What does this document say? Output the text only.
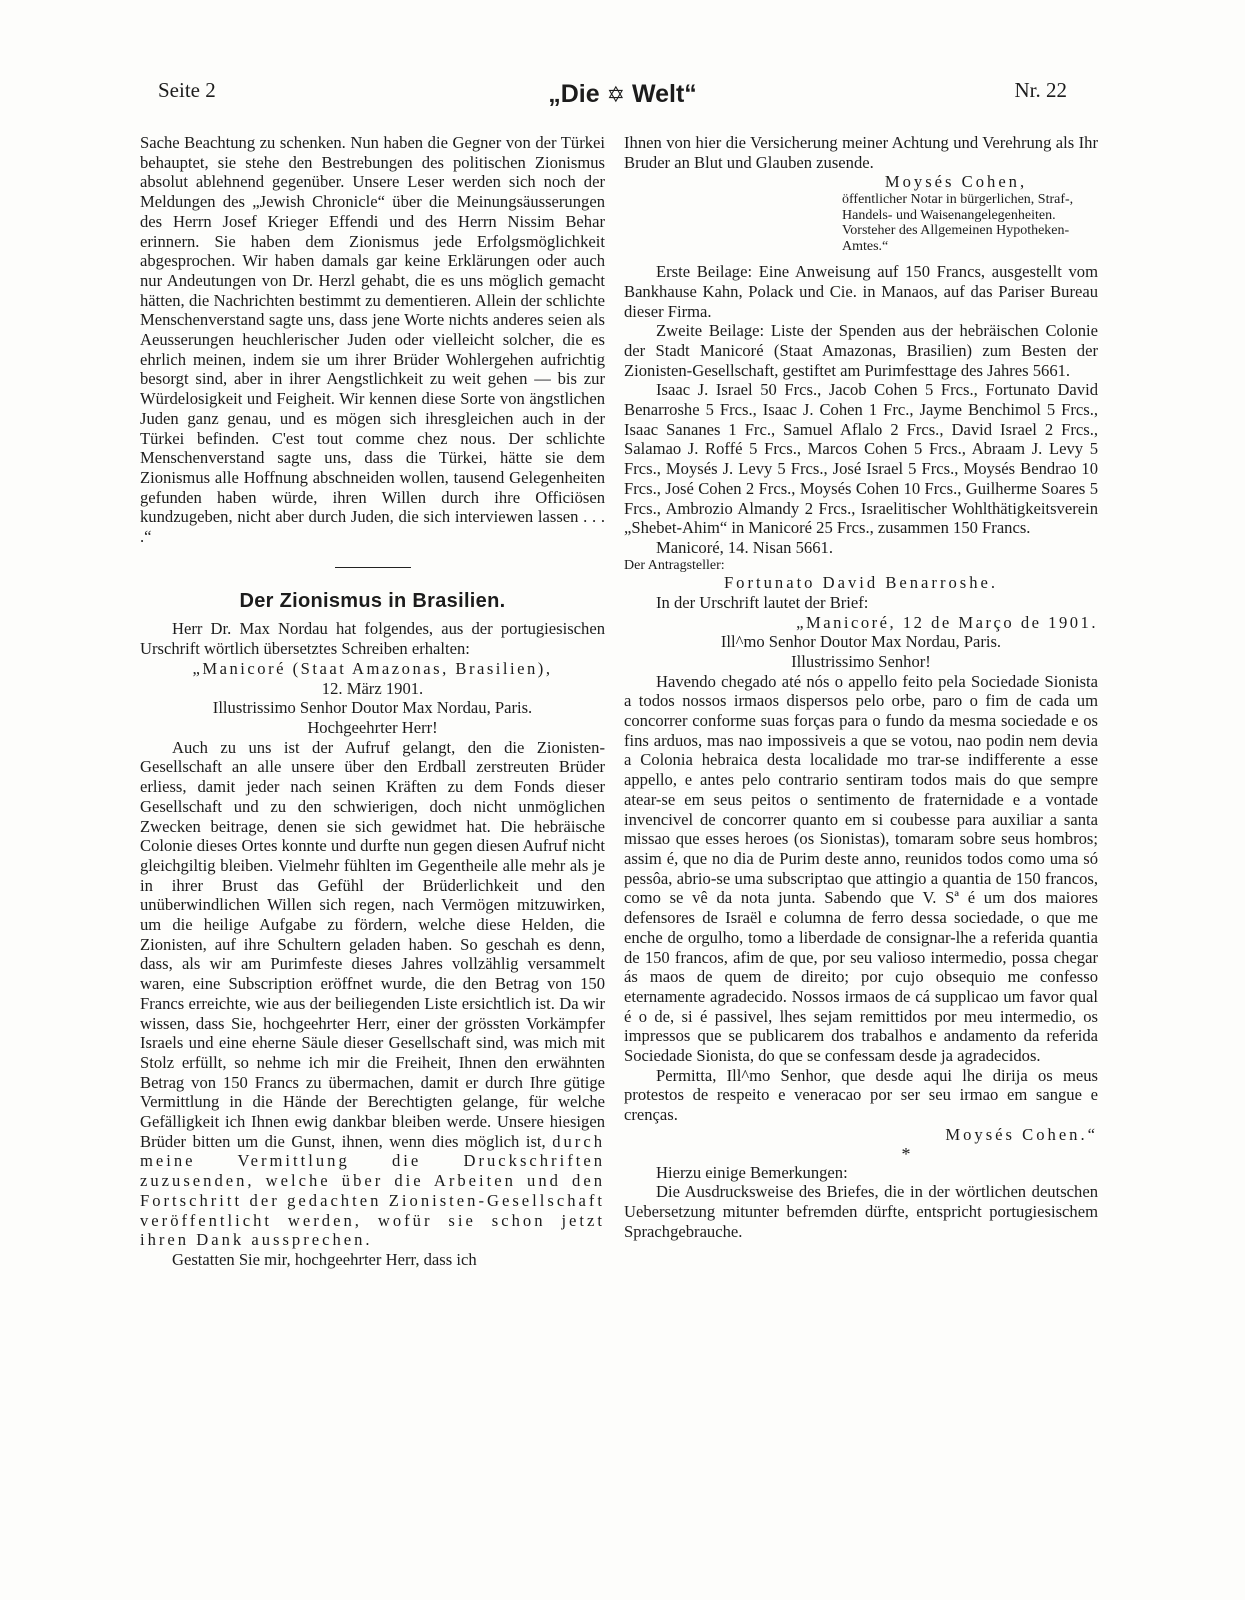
Seite 2	„Die ✡ Welt“	Nr. 22

Sache Beachtung zu schenken. Nun haben die Gegner von der Türkei behauptet, sie stehe den Bestrebungen des politischen Zionismus absolut ablehnend gegenüber. Unsere Leser werden sich noch der Meldungen des „Jewish Chronicle“ über die Meinungsäusserungen des Herrn Josef Krieger Effendi und des Herrn Nissim Behar erinnern. Sie haben dem Zionismus jede Erfolgsmöglichkeit abgesprochen. Wir haben damals gar keine Erklärungen oder auch nur Andeutungen von Dr. Herzl gehabt, die es uns möglich gemacht hätten, die Nachrichten bestimmt zu dementieren. Allein der schlichte Menschenverstand sagte uns, dass jene Worte nichts anderes seien als Aeusserungen heuchlerischer Juden oder vielleicht solcher, die es ehrlich meinen, indem sie um ihrer Brüder Wohlergehen aufrichtig besorgt sind, aber in ihrer Aengstlichkeit zu weit gehen — bis zur Würdelosigkeit und Feigheit. Wir kennen diese Sorte von ängstlichen Juden ganz genau, und es mögen sich ihresgleichen auch in der Türkei befinden. C'est tout comme chez nous. Der schlichte Menschenverstand sagte uns, dass die Türkei, hätte sie dem Zionismus alle Hoffnung abschneiden wollen, tausend Gelegenheiten gefunden haben würde, ihren Willen durch ihre Officiösen kundzugeben, nicht aber durch Juden, die sich interviewen lassen . . . .“

Der Zionismus in Brasilien.

Herr Dr. Max Nordau hat folgendes, aus der portugiesischen Urschrift wörtlich übersetztes Schreiben erhalten:

„Manicoré (Staat Amazonas, Brasilien),

12. März 1901.

Illustrissimo Senhor Doutor Max Nordau, Paris.

Hochgeehrter Herr!

Auch zu uns ist der Aufruf gelangt, den die Zionisten-Gesellschaft an alle unsere über den Erdball zerstreuten Brüder erliess, damit jeder nach seinen Kräften zu dem Fonds dieser Gesellschaft und zu den schwierigen, doch nicht unmöglichen Zwecken beitrage, denen sie sich gewidmet hat. Die hebräische Colonie dieses Ortes konnte und durfte nun gegen diesen Aufruf nicht gleichgiltig bleiben. Vielmehr fühlten im Gegentheile alle mehr als je in ihrer Brust das Gefühl der Brüderlichkeit und den unüberwindlichen Willen sich regen, nach Vermögen mitzuwirken, um die heilige Aufgabe zu fördern, welche diese Helden, die Zionisten, auf ihre Schultern geladen haben. So geschah es denn, dass, als wir am Purimfeste dieses Jahres vollzählig versammelt waren, eine Subscription eröffnet wurde, die den Betrag von 150 Francs erreichte, wie aus der beiliegenden Liste ersichtlich ist. Da wir wissen, dass Sie, hochgeehrter Herr, einer der grössten Vorkämpfer Israels und eine eherne Säule dieser Gesellschaft sind, was mich mit Stolz erfüllt, so nehme ich mir die Freiheit, Ihnen den erwähnten Betrag von 150 Francs zu übermachen, damit er durch Ihre gütige Vermittlung in die Hände der Berechtigten gelange, für welche Gefälligkeit ich Ihnen ewig dankbar bleiben werde. Unsere hiesigen Brüder bitten um die Gunst, ihnen, wenn dies möglich ist, durch meine Vermittlung die Druckschriften zuzusenden, welche über die Arbeiten und den Fortschritt der gedachten Zionisten-Gesellschaft veröffentlicht werden, wofür sie schon jetzt ihren Dank aussprechen.

Gestatten Sie mir, hochgeehrter Herr, dass ich

Ihnen von hier die Versicherung meiner Achtung und Verehrung als Ihr Bruder an Blut und Glauben zusende.

Moysés Cohen,

öffentlicher Notar in bürgerlichen, Straf-, Handels- und Waisenangelegenheiten. Vorsteher des Allgemeinen Hypotheken-Amtes.“

Erste Beilage: Eine Anweisung auf 150 Francs, ausgestellt vom Bankhause Kahn, Polack und Cie. in Manaos, auf das Pariser Bureau dieser Firma.

Zweite Beilage: Liste der Spenden aus der hebräischen Colonie der Stadt Manicoré (Staat Amazonas, Brasilien) zum Besten der Zionisten-Gesellschaft, gestiftet am Purimfesttage des Jahres 5661.

Isaac J. Israel 50 Frcs., Jacob Cohen 5 Frcs., Fortunato David Benarroshe 5 Frcs., Isaac J. Cohen 1 Frc., Jayme Benchimol 5 Frcs., Isaac Sananes 1 Frc., Samuel Aflalo 2 Frcs., David Israel 2 Frcs., Salamao J. Roffé 5 Frcs., Marcos Cohen 5 Frcs., Abraam J. Levy 5 Frcs., Moysés J. Levy 5 Frcs., José Israel 5 Frcs., Moysés Bendrao 10 Frcs., José Cohen 2 Frcs., Moysés Cohen 10 Frcs., Guilherme Soares 5 Frcs., Ambrozio Almandy 2 Frcs., Israelitischer Wohlthätigkeitsverein „Shebet-Ahim“ in Manicoré 25 Frcs., zusammen 150 Francs.

Manicoré, 14. Nisan 5661.

Der Antragsteller:

Fortunato David Benarroshe.

In der Urschrift lautet der Brief:

„Manicoré, 12 de Março de 1901.

Ill^mo Senhor Doutor Max Nordau, Paris.

Illustrissimo Senhor!

Havendo chegado até nós o appello feito pela Sociedade Sionista a todos nossos irmaos dispersos pelo orbe, paro o fim de cada um concorrer conforme suas forças para o fundo da mesma sociedade e os fins arduos, mas nao impossiveis a que se votou, nao podin nem devia a Colonia hebraica desta localidade mo trar-se indifferente a esse appello, e antes pelo contrario sentiram todos mais do que sempre atear-se em seus peitos o sentimento de fraternidade e a vontade invencivel de concorrer quanto em si coubesse para auxiliar a santa missao que esses heroes (os Sionistas), tomaram sobre seus hombros; assim é, que no dia de Purim deste anno, reunidos todos como uma só pessôa, abrio-se uma subscriptao que attingio a quantia de 150 francos, como se vê da nota junta. Sabendo que V. Sª é um dos maiores defensores de Israël e columna de ferro dessa sociedade, o que me enche de orgulho, tomo a liberdade de consignar-lhe a referida quantia de 150 francos, afim de que, por seu valioso intermedio, possa chegar ás maos de quem de direito; por cujo obsequio me confesso eternamente agradecido. Nossos irmaos de cá supplicao um favor qual é o de, si é passivel, lhes sejam remittidos por meu intermedio, os impressos que se publicarem dos trabalhos e andamento da referida Sociedade Sionista, do que se confessam desde ja agradecidos.

Permitta, Ill^mo Senhor, que desde aqui lhe dirija os meus protestos de respeito e veneracao por ser seu irmao em sangue e crenças.

Moysés Cohen.“

*

Hierzu einige Bemerkungen:

Die Ausdrucksweise des Briefes, die in der wörtlichen deutschen Uebersetzung mitunter befremden dürfte, entspricht portugiesischem Sprachgebrauche.
